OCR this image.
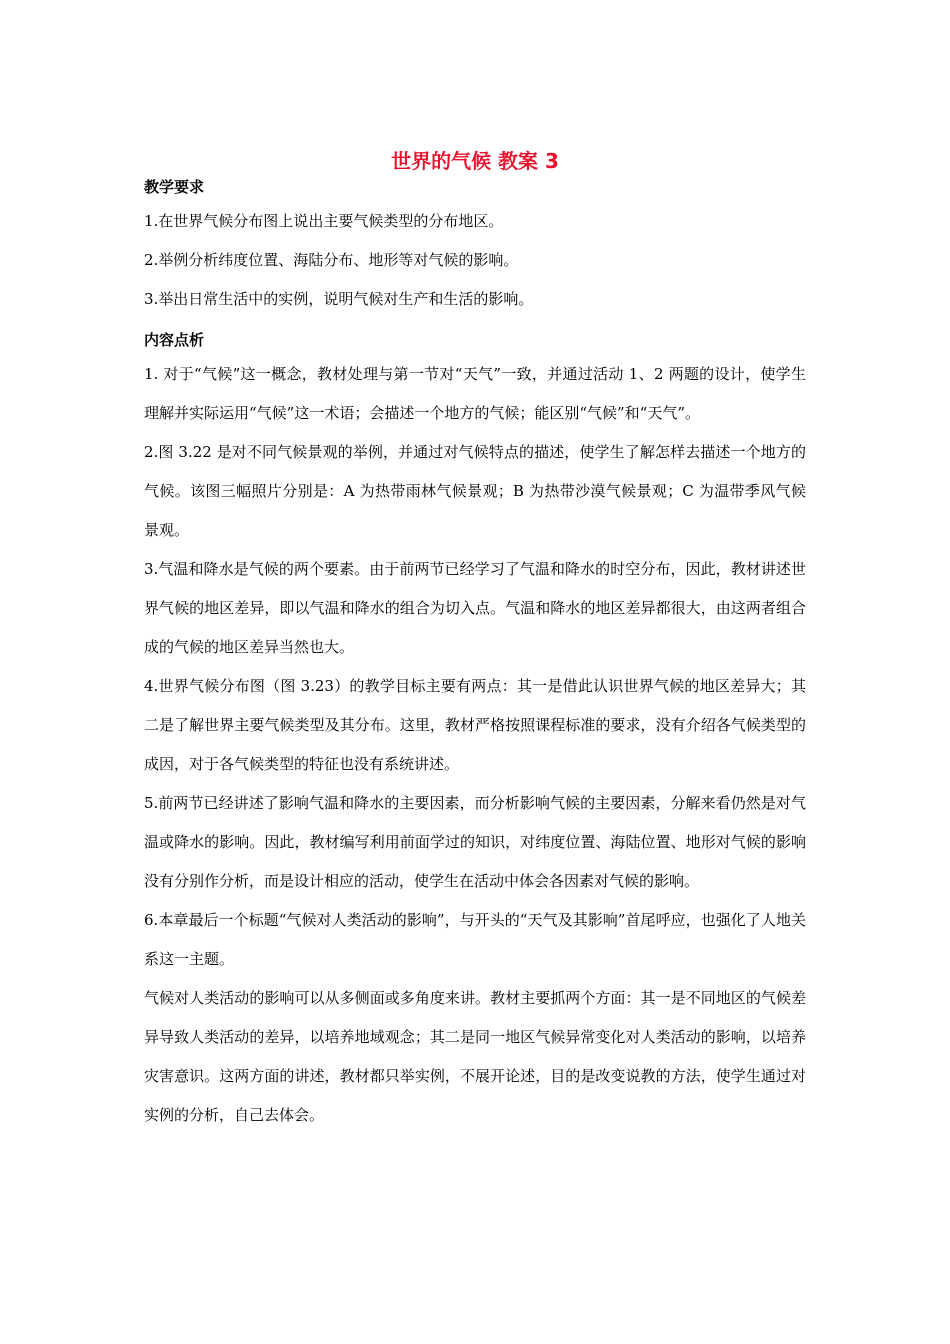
世界的气候 教案 3
教学要求

1.在世界气候分布图上说出主要气候类型的分布地区。

2.举例分析纬度位置、海陆分布、地形等对气候的影响。

3.举出日常生活中的实例，说明气候对生产和生活的影响。

内容点析

1. 对于“气候”这一概念，教材处理与第一节对“天气”一致，并通过活动 1、2 两题的设计，使学生理解并实际运用“气候”这一术语；会描述一个地方的气候；能区别“气候”和“天气”。

2.图 3.22 是对不同气候景观的举例，并通过对气候特点的描述，使学生了解怎样去描述一个地方的气候。该图三幅照片分别是：A 为热带雨林气候景观；B 为热带沙漠气候景观；C 为温带季风气候景观。

3.气温和降水是气候的两个要素。由于前两节已经学习了气温和降水的时空分布，因此，教材讲述世界气候的地区差异，即以气温和降水的组合为切入点。气温和降水的地区差异都很大，由这两者组合成的气候的地区差异当然也大。

4.世界气候分布图（图 3.23）的教学目标主要有两点：其一是借此认识世界气候的地区差异大；其二是了解世界主要气候类型及其分布。这里，教材严格按照课程标准的要求，没有介绍各气候类型的成因，对于各气候类型的特征也没有系统讲述。

5.前两节已经讲述了影响气温和降水的主要因素，而分析影响气候的主要因素，分解来看仍然是对气温或降水的影响。因此，教材编写利用前面学过的知识，对纬度位置、海陆位置、地形对气候的影响没有分别作分析，而是设计相应的活动，使学生在活动中体会各因素对气候的影响。

6.本章最后一个标题“气候对人类活动的影响”，与开头的“天气及其影响”首尾呼应，也强化了人地关系这一主题。

气候对人类活动的影响可以从多侧面或多角度来讲。教材主要抓两个方面：其一是不同地区的气候差异导致人类活动的差异，以培养地域观念；其二是同一地区气候异常变化对人类活动的影响，以培养灾害意识。这两方面的讲述，教材都只举实例，不展开论述，目的是改变说教的方法，使学生通过对实例的分析，自己去体会。
